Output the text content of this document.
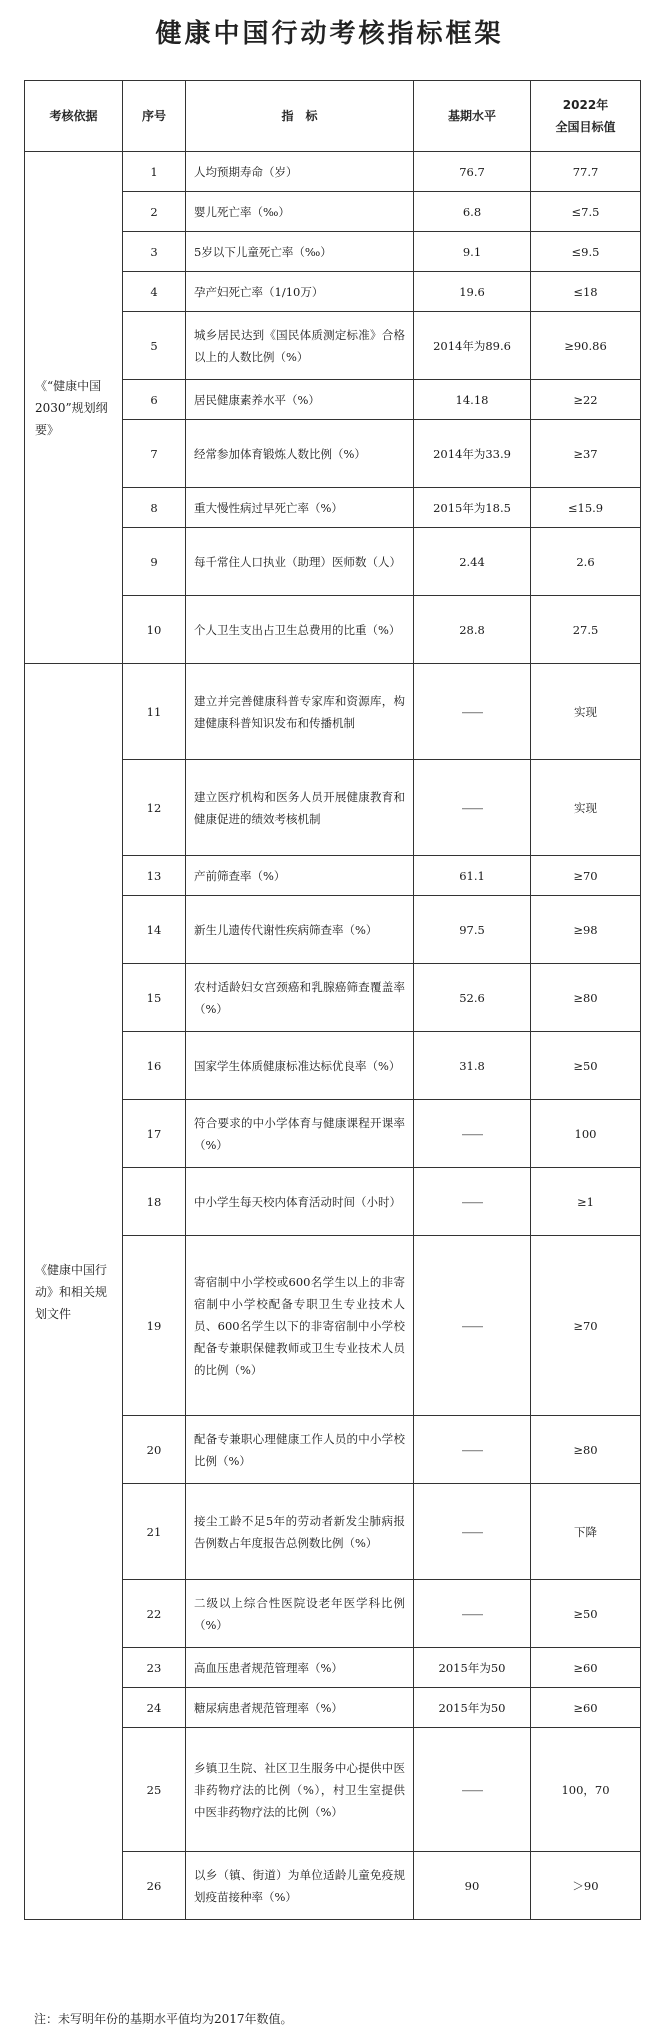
健康中国行动考核指标框架
考核依据	序号	指　标	基期水平	2022年
全国目标值

《“健康中国2030”规划纲要》	1	人均预期寿命（岁）	76.7	77.7
	2	婴儿死亡率（‰）	6.8	≤7.5
	3	5岁以下儿童死亡率（‰）	9.1	≤9.5
	4	孕产妇死亡率（1/10万）	19.6	≤18
	5	城乡居民达到《国民体质测定标准》合格以上的人数比例（%）	2014年为89.6	≥90.86
	6	居民健康素养水平（%）	14.18	≥22
	7	经常参加体育锻炼人数比例（%）	2014年为33.9	≥37
	8	重大慢性病过早死亡率（%）	2015年为18.5	≤15.9
	9	每千常住人口执业（助理）医师数（人）	2.44	2.6
	10	个人卫生支出占卫生总费用的比重（%）	28.8	27.5
《健康中国行动》和相关规划文件	11	建立并完善健康科普专家库和资源库，构建健康科普知识发布和传播机制	——	实现
	12	建立医疗机构和医务人员开展健康教育和健康促进的绩效考核机制	——	实现
	13	产前筛查率（%）	61.1	≥70
	14	新生儿遗传代谢性疾病筛查率（%）	97.5	≥98
	15	农村适龄妇女宫颈癌和乳腺癌筛查覆盖率（%）	52.6	≥80
	16	国家学生体质健康标准达标优良率（%）	31.8	≥50
	17	符合要求的中小学体育与健康课程开课率（%）	——	100
	18	中小学生每天校内体育活动时间（小时）	——	≥1
	19	寄宿制中小学校或600名学生以上的非寄宿制中小学校配备专职卫生专业技术人员、600名学生以下的非寄宿制中小学校配备专兼职保健教师或卫生专业技术人员的比例（%）	——	≥70
	20	配备专兼职心理健康工作人员的中小学校比例（%）	——	≥80
	21	接尘工龄不足5年的劳动者新发尘肺病报告例数占年度报告总例数比例（%）	——	下降
	22	二级以上综合性医院设老年医学科比例（%）	——	≥50
	23	高血压患者规范管理率（%）	2015年为50	≥60
	24	糖尿病患者规范管理率（%）	2015年为50	≥60
	25	乡镇卫生院、社区卫生服务中心提供中医非药物疗法的比例（%），村卫生室提供中医非药物疗法的比例（%）	——	100，70
	26	以乡（镇、街道）为单位适龄儿童免疫规划疫苗接种率（%）	90	＞90
注：未写明年份的基期水平值均为2017年数值。
